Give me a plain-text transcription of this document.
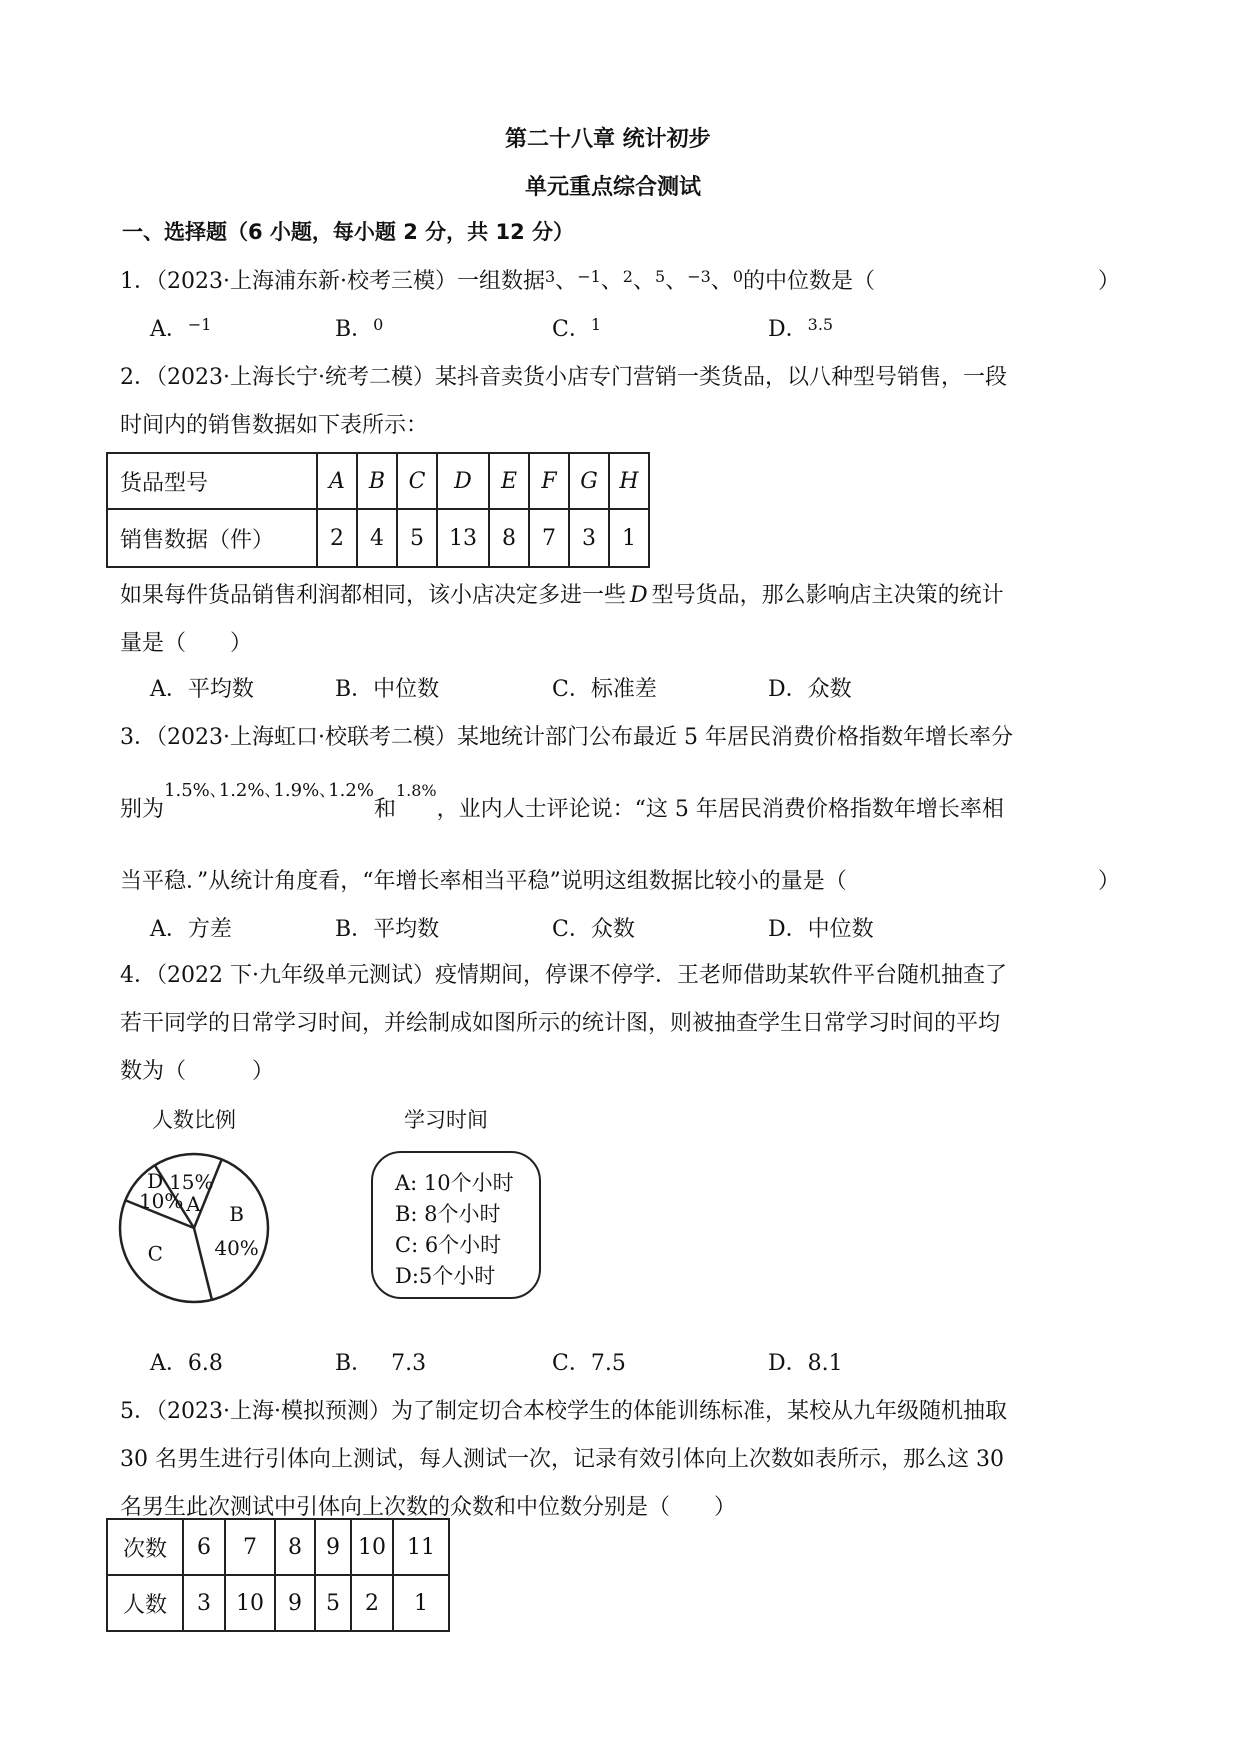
第二十八章 统计初步
单元重点综合测试
一、选择题（6 小题，每小题 2 分，共 12 分）
1．（2023·上海浦东新·校考三模）一组数据$^3$、$^{-1}$、$^2$、$^5$、$^{-3}$、$^0$的中位数是（	）
A．$^{-1}$	B．$^0$	C．$^1$	D．$^{3.5}$
2．（2023·上海长宁·统考二模）某抖音卖货小店专门营销一类货品，以八种型号销售，一段
时间内的销售数据如下表所示：
货品型号	A	B	C	D	E	F	G	H
销售数据（件）	2	4	5	13	8	7	3	1
如果每件货品销售利润都相同，该小店决定多进一些 D 型号货品，那么影响店主决策的统计
量是（　　）
A．平均数	B．中位数	C．标准差	D．众数
3．（2023·上海虹口·校联考二模）某地统计部门公布最近 5 年居民消费价格指数年增长率分
别为$^{1.5\%､1.2\%､1.9\%､1.2\%}$和$^{1.8\%}$，业内人士评论说：“这 5 年居民消费价格指数年增长率相
当平稳．”从统计角度看，“年增长率相当平稳”说明这组数据比较小的量是（	）
A．方差	B．平均数	C．众数	D．中位数
4．（2022 下·九年级单元测试）疫情期间，停课不停学．王老师借助某软件平台随机抽查了
若干同学的日常学习时间，并绘制成如图所示的统计图，则被抽查学生日常学习时间的平均
数为（　　　）
人数比例
15%
A
40%
B
C
10%
D
学习时间
A: 10个小时
B: 8个小时
C: 6个小时
D:5个小时
A．6.8	B． 7.3	C．7.5	D．8.1
5．（2023·上海·模拟预测）为了制定切合本校学生的体能训练标准，某校从九年级随机抽取
30 名男生进行引体向上测试，每人测试一次，记录有效引体向上次数如表所示，那么这 30
名男生此次测试中引体向上次数的众数和中位数分别是（　　）
次数	6	7	8	9	10	11
人数	3	10	9	5	2	1
